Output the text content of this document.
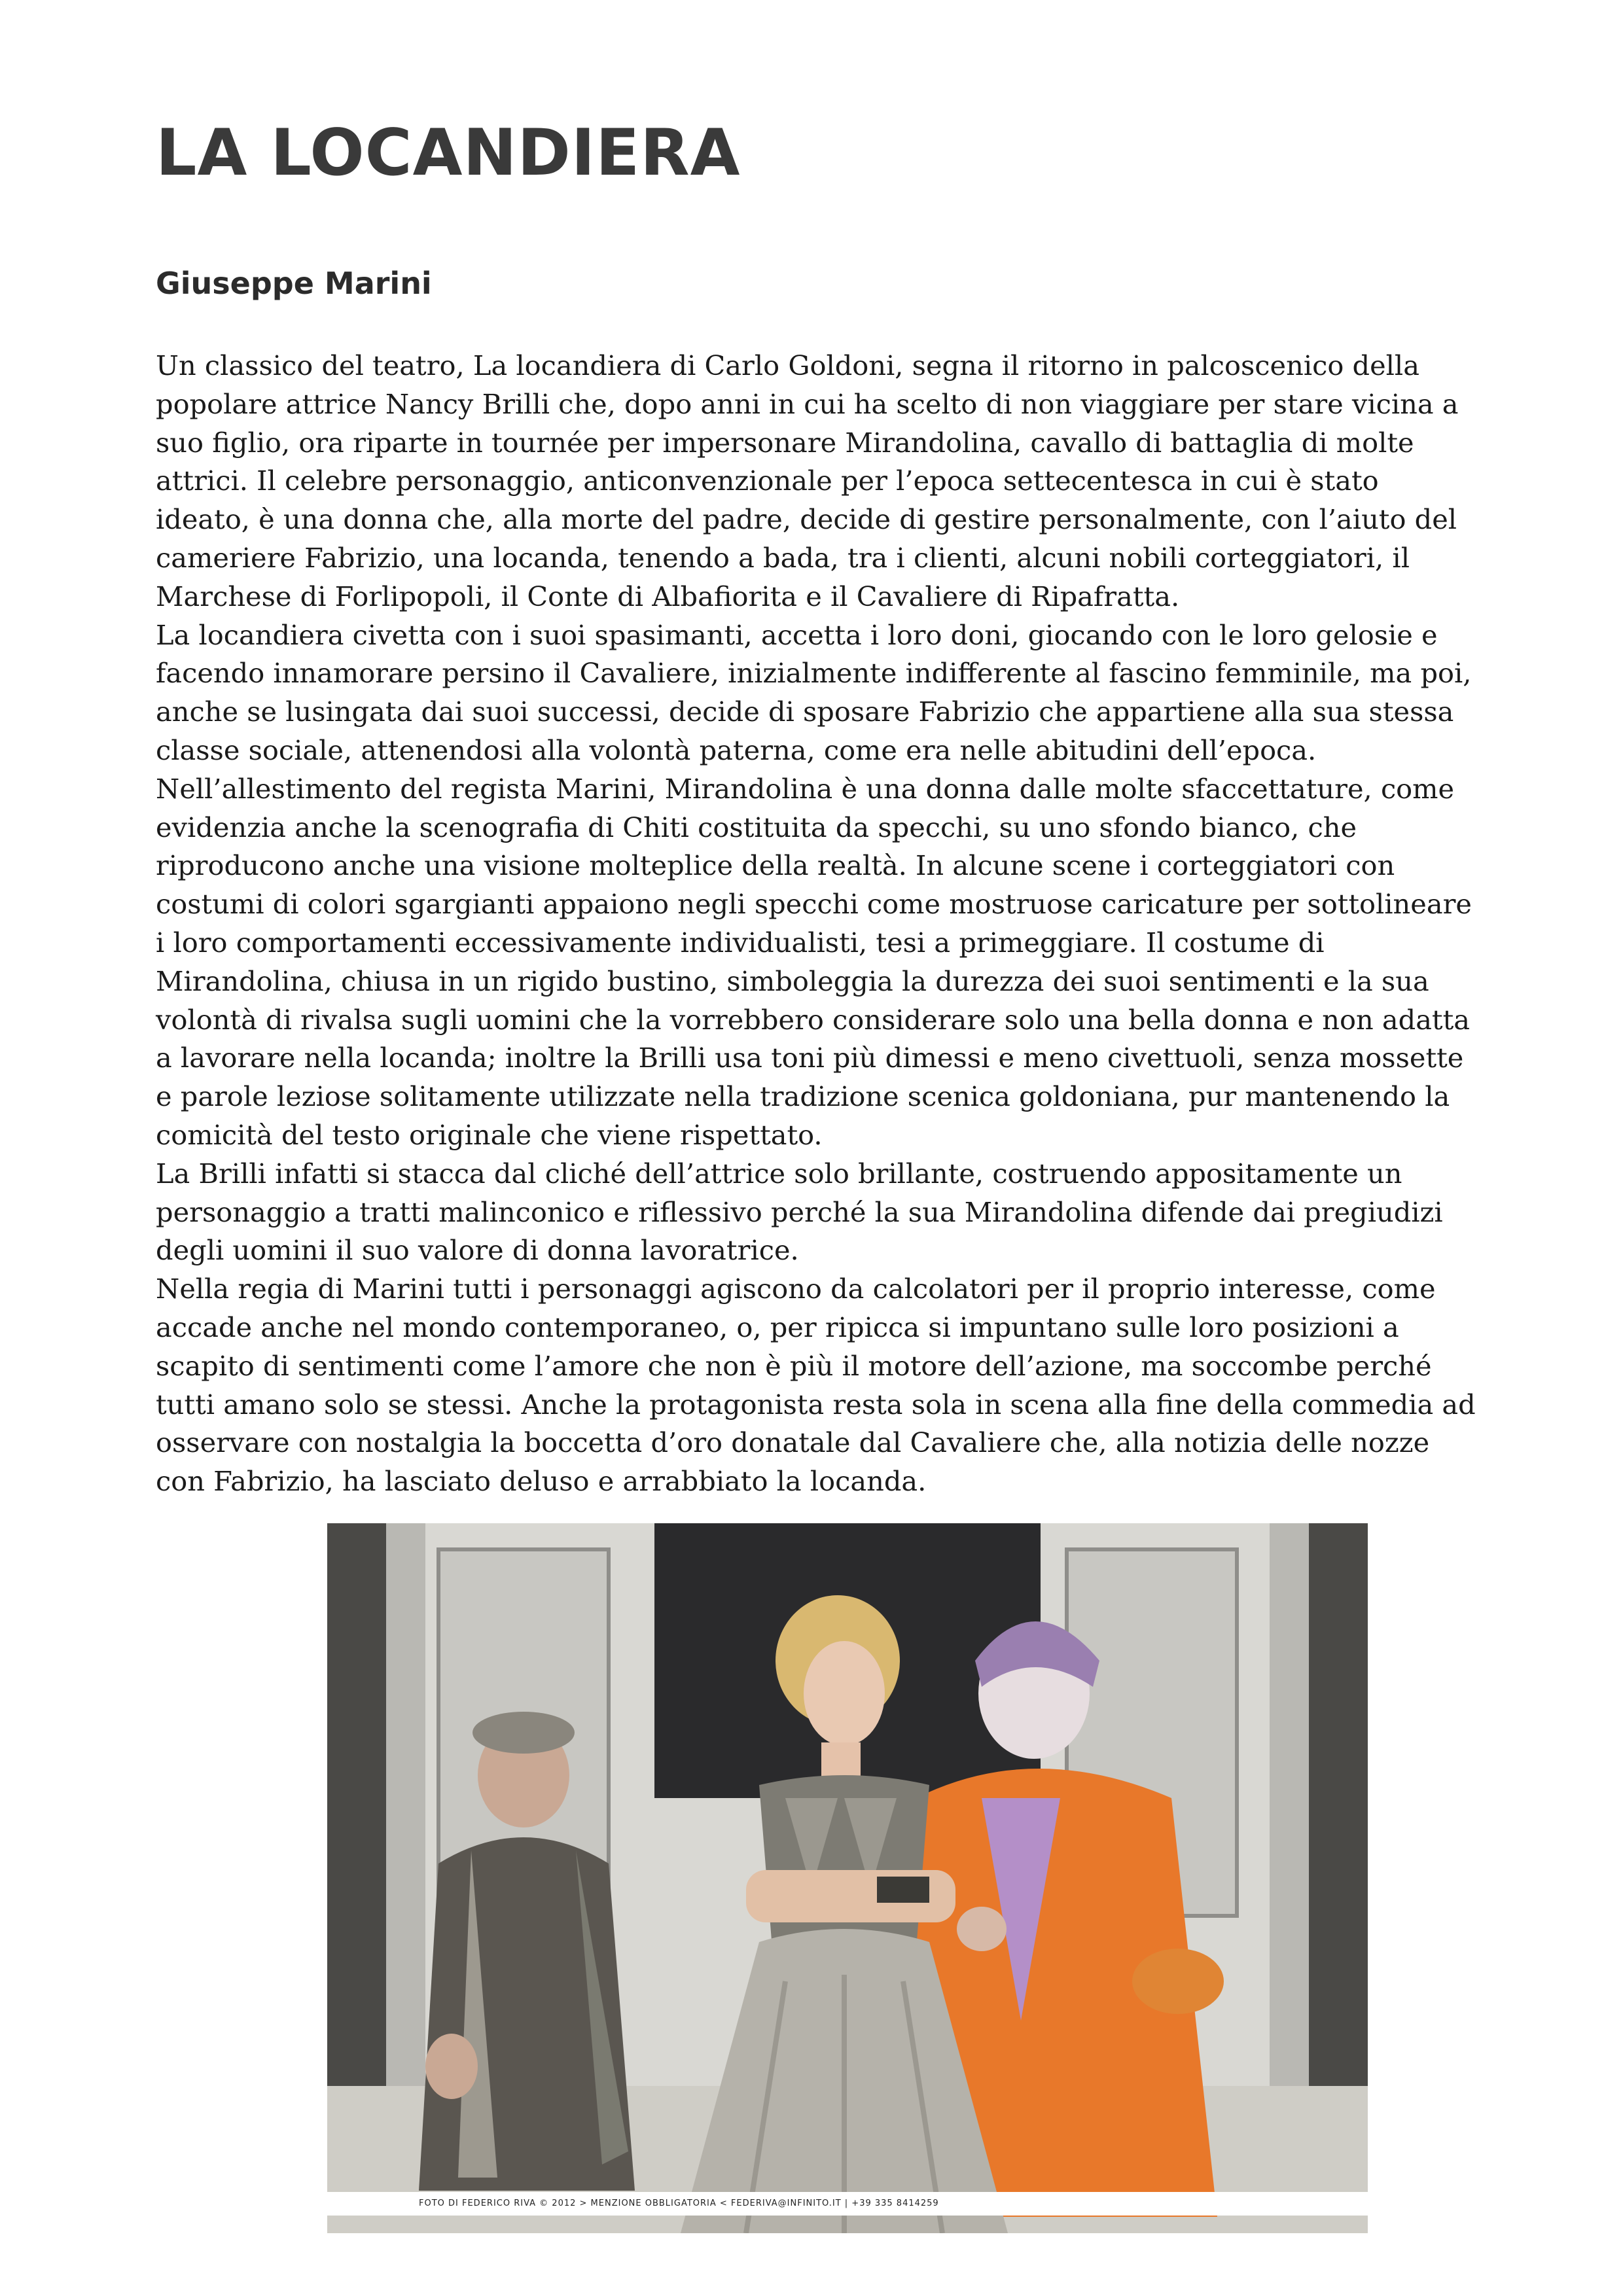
LA LOCANDIERA
Giuseppe Marini

Un classico del teatro, La locandiera di Carlo Goldoni, segna il ritorno in palcoscenico della popolare attrice Nancy Brilli che, dopo anni in cui ha scelto di non viaggiare per stare vicina a suo figlio, ora riparte in tournée per impersonare Mirandolina, cavallo di battaglia di molte attrici. Il celebre personaggio, anticonvenzionale per l’epoca settecentesca in cui è stato ideato, è una donna che, alla morte del padre, decide di gestire personalmente, con l’aiuto del cameriere Fabrizio, una locanda, tenendo a bada, tra i clienti, alcuni nobili corteggiatori, il Marchese di Forlipopoli, il Conte di Albafiorita e il Cavaliere di Ripafratta.

La locandiera civetta con i suoi spasimanti, accetta i loro doni, giocando con le loro gelosie e facendo innamorare persino il Cavaliere, inizialmente indifferente al fascino femminile, ma poi, anche se lusingata dai suoi successi, decide di sposare Fabrizio che appartiene alla sua stessa classe sociale, attenendosi alla volontà paterna, come era nelle abitudini dell’epoca.

Nell’allestimento del regista Marini, Mirandolina è una donna dalle molte sfaccettature, come evidenzia anche la scenografia di Chiti costituita da specchi, su uno sfondo bianco, che riproducono anche una visione molteplice della realtà. In alcune scene i corteggiatori con costumi di colori sgargianti appaiono negli specchi come mostruose caricature per sottolineare i loro comportamenti eccessivamente individualisti, tesi a primeggiare. Il costume di Mirandolina, chiusa in un rigido bustino, simboleggia la durezza dei suoi sentimenti e la sua volontà di rivalsa sugli uomini che la vorrebbero considerare solo una bella donna e non adatta a lavorare nella locanda; inoltre la Brilli usa toni più dimessi e meno civettuoli, senza mossette e parole leziose solitamente utilizzate nella tradizione scenica goldoniana, pur mantenendo la comicità del testo originale che viene rispettato.

La Brilli infatti si stacca dal cliché dell’attrice solo brillante, costruendo appositamente un personaggio a tratti malinconico e riflessivo perché la sua Mirandolina difende dai pregiudizi degli uomini il suo valore di donna lavoratrice.

Nella regia di Marini tutti i personaggi agiscono da calcolatori per il proprio interesse, come accade anche nel mondo contemporaneo, o, per ripicca si impuntano sulle loro posizioni a scapito di sentimenti come l’amore che non è più il motore dell’azione, ma soccombe perché tutti amano solo se stessi. Anche la protagonista resta sola in scena alla fine della commedia ad osservare con nostalgia la boccetta d’oro donatale dal Cavaliere che, alla notizia delle nozze con Fabrizio, ha lasciato deluso e arrabbiato la locanda.

FOTO DI FEDERICO RIVA © 2012 > MENZIONE OBBLIGATORIA < FEDERIVA@INFINITO.IT | +39 335 8414259
